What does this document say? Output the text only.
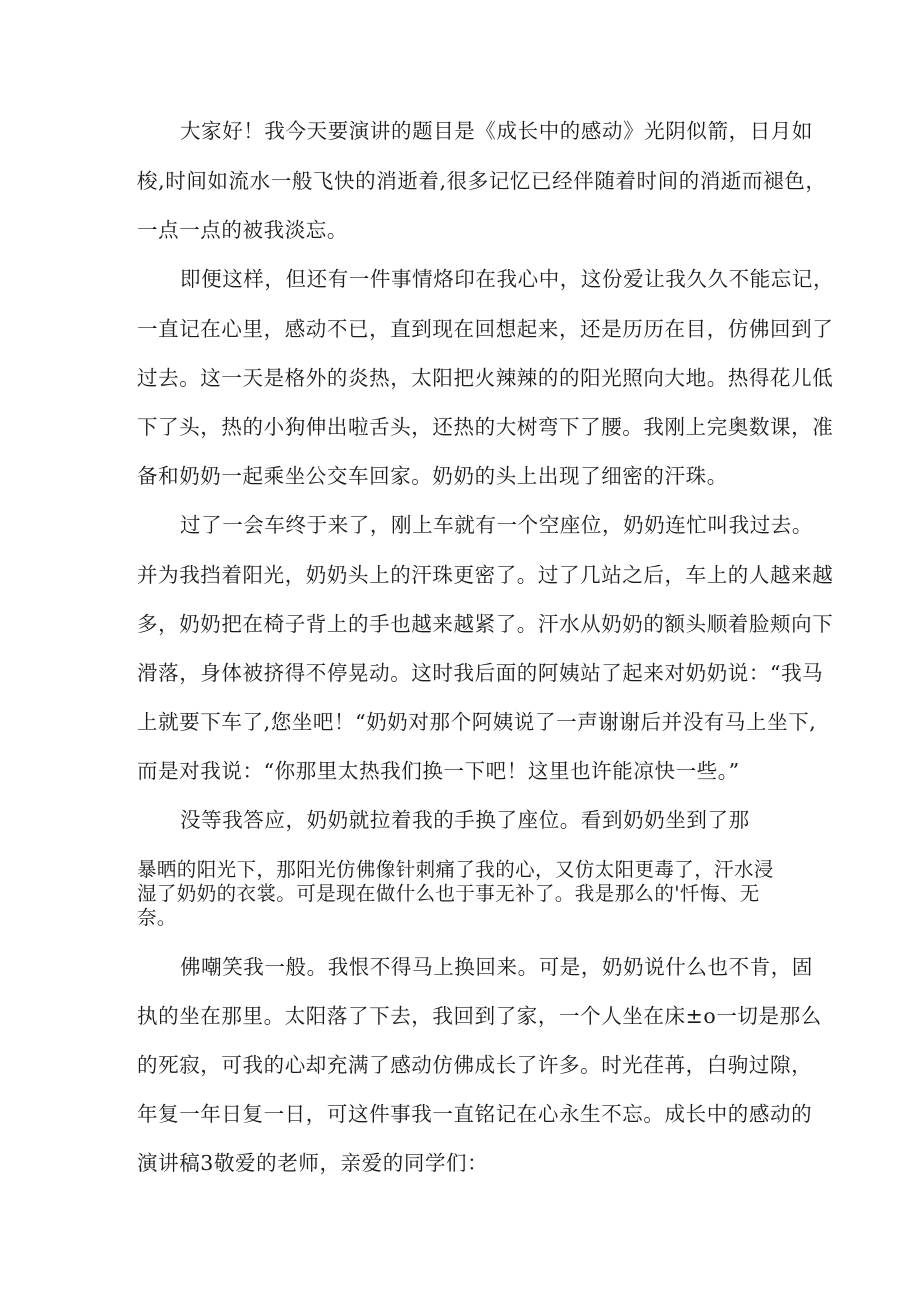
大家好！我今天要演讲的题目是《成长中的感动》光阴似箭，日月如

梭,时间如流水一般飞快的消逝着,很多记忆已经伴随着时间的消逝而褪色，

一点一点的被我淡忘。

即便这样，但还有一件事情烙印在我心中，这份爱让我久久不能忘记，

一直记在心里，感动不已，直到现在回想起来，还是历历在目，仿佛回到了

过去。这一天是格外的炎热，太阳把火辣辣的的阳光照向大地。热得花儿低

下了头，热的小狗伸出啦舌头，还热的大树弯下了腰。我刚上完奥数课，准

备和奶奶一起乘坐公交车回家。奶奶的头上出现了细密的汗珠。

过了一会车终于来了，刚上车就有一个空座位，奶奶连忙叫我过去。

并为我挡着阳光，奶奶头上的汗珠更密了。过了几站之后，车上的人越来越

多，奶奶把在椅子背上的手也越来越紧了。汗水从奶奶的额头顺着脸颊向下

滑落，身体被挤得不停晃动。这时我后面的阿姨站了起来对奶奶说：“我马

上就要下车了,您坐吧！“奶奶对那个阿姨说了一声谢谢后并没有马上坐下,

而是对我说：“你那里太热我们换一下吧！这里也许能凉快一些。”

没等我答应，奶奶就拉着我的手换了座位。看到奶奶坐到了那

暴晒的阳光下，那阳光仿佛像针刺痛了我的心，又仿太阳更毒了，汗水浸

湿了奶奶的衣裳。可是现在做什么也于事无补了。我是那么的'忏悔、无

奈。

佛嘲笑我一般。我恨不得马上换回来。可是，奶奶说什么也不肯，固

执的坐在那里。太阳落了下去，我回到了家，一个人坐在床±o一切是那么

的死寂，可我的心却充满了感动仿佛成长了许多。时光荏苒，白驹过隙，

年复一年日复一日，可这件事我一直铭记在心永生不忘。成长中的感动的

演讲稿3敬爱的老师，亲爱的同学们：
